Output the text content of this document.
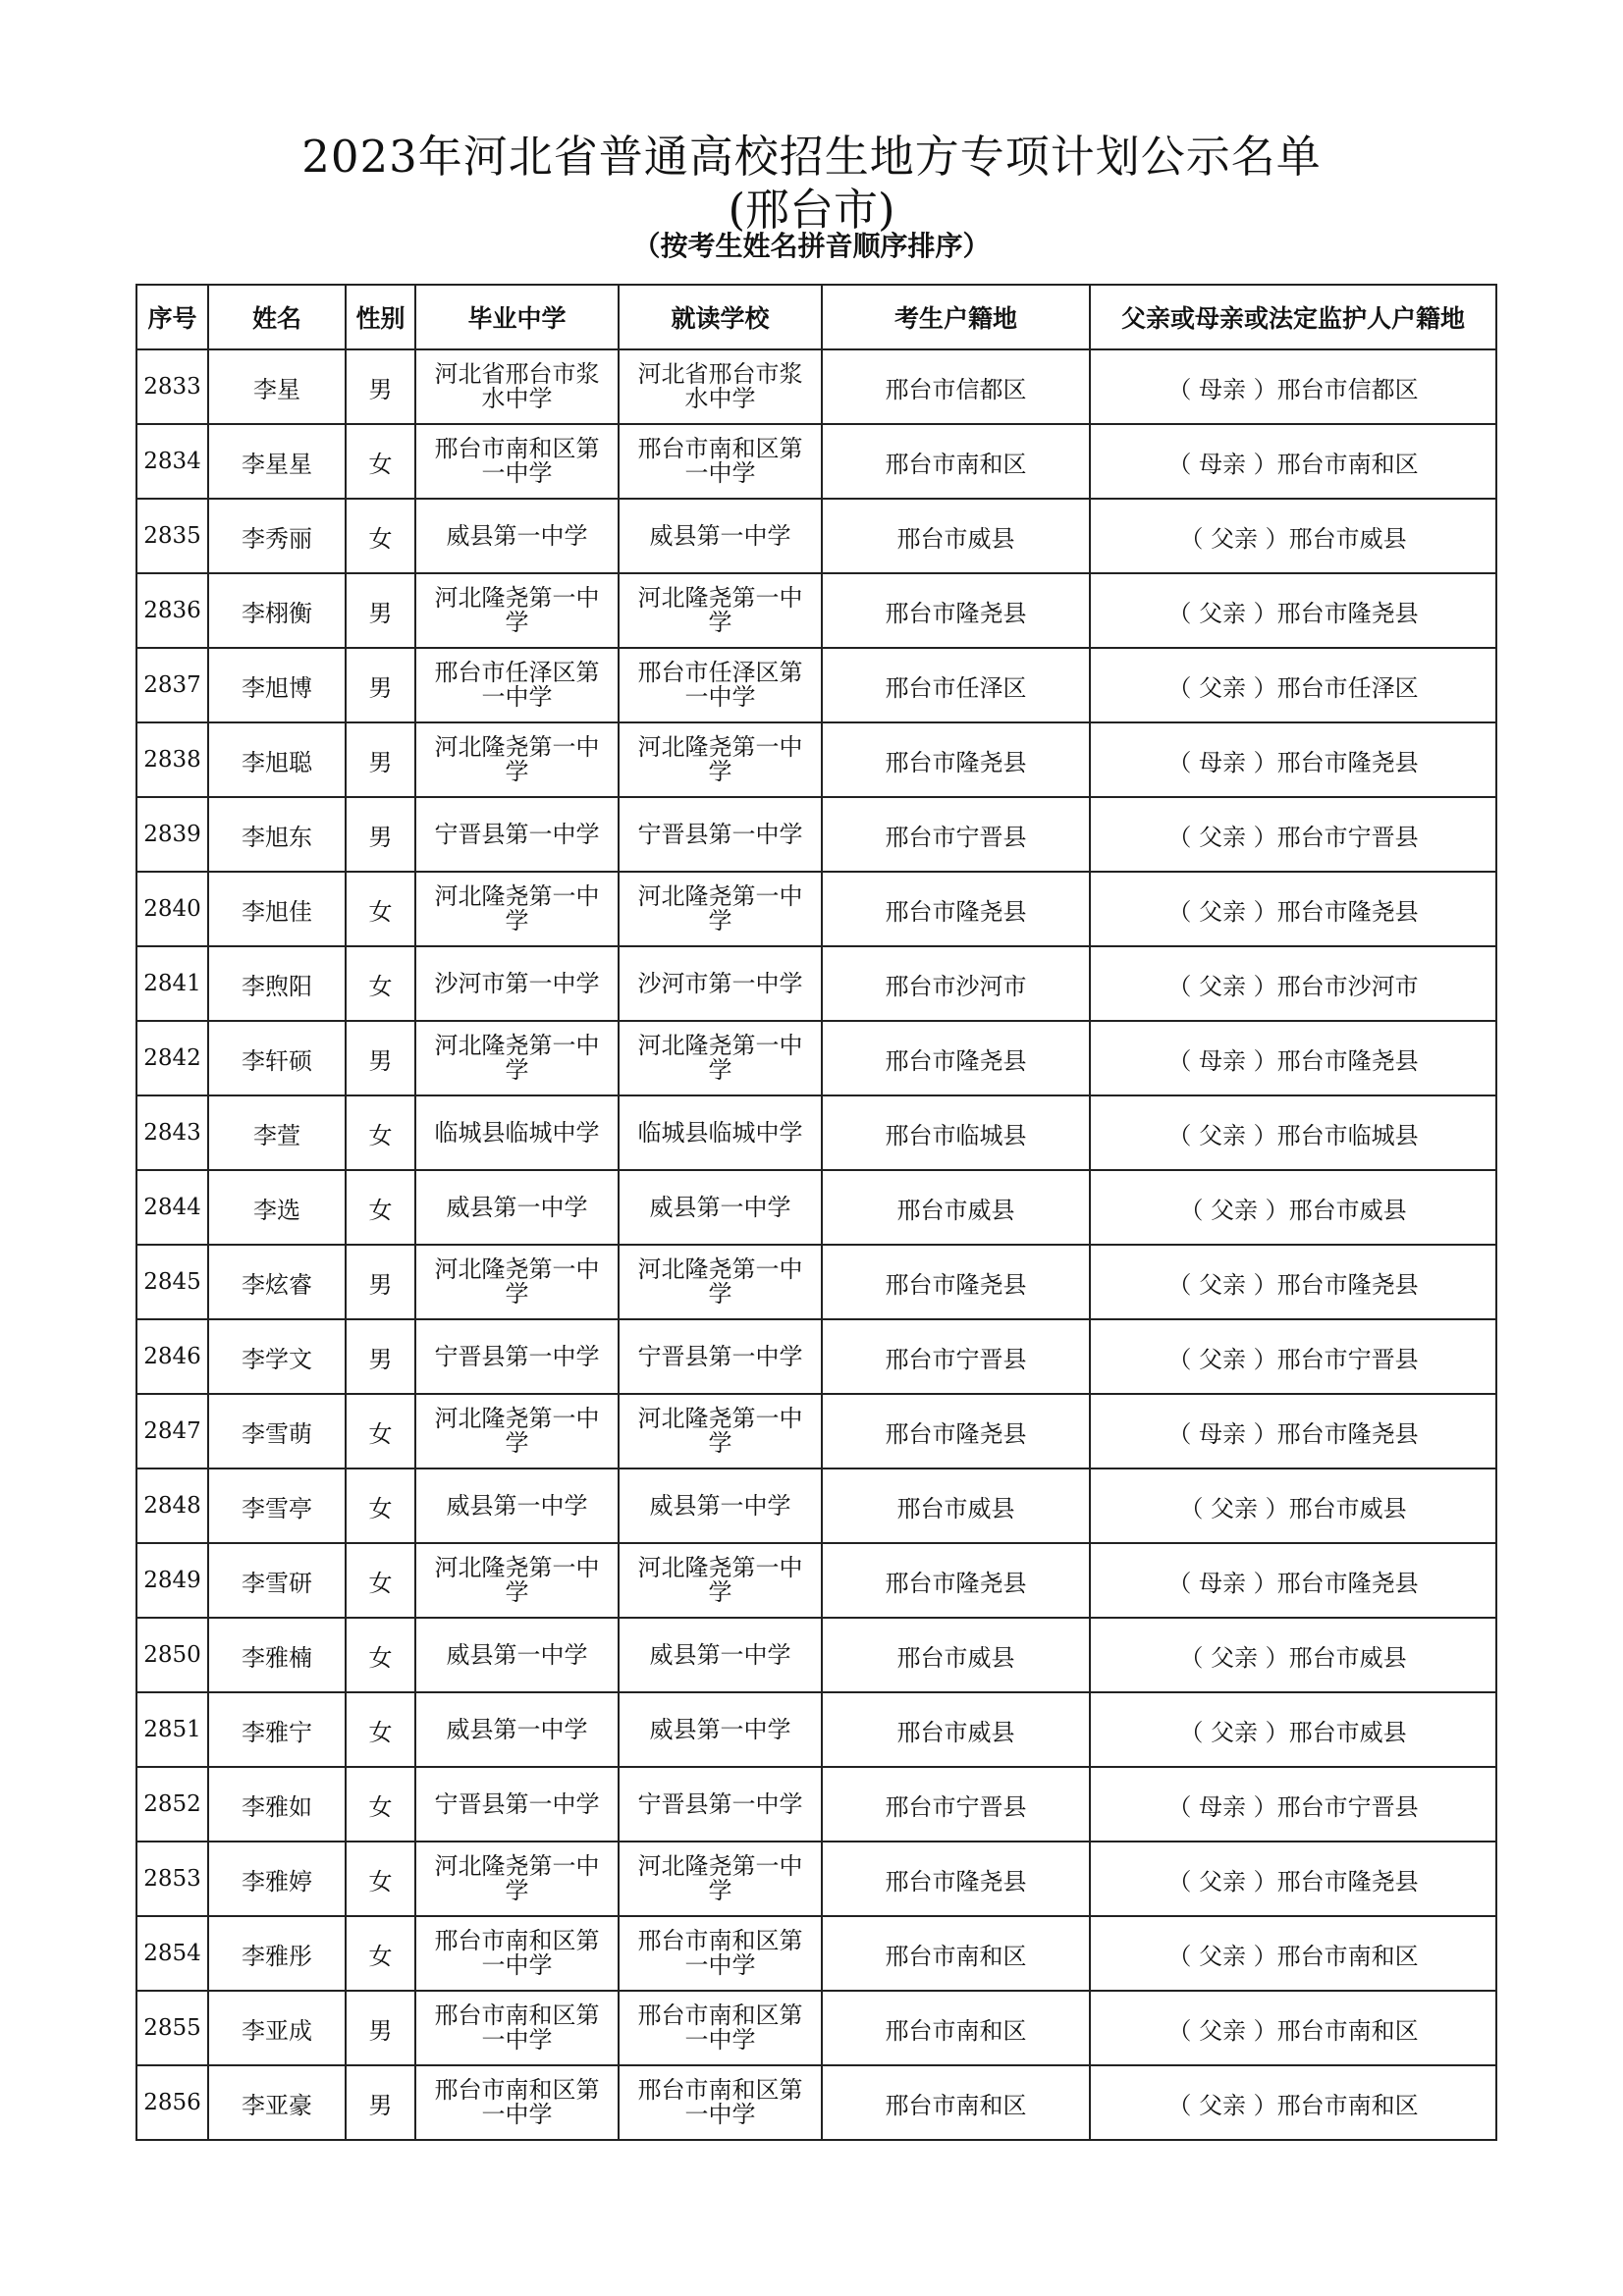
2023年河北省普通高校招生地方专项计划公示名单
(邢台市)
（按考生姓名拼音顺序排序）
序号	姓名	性别	毕业中学	就读学校	考生户籍地	父亲或母亲或法定监护人户籍地
2833	李星	男	河北省邢台市浆水中学	河北省邢台市浆水中学	邢台市信都区	（ 母亲 ）邢台市信都区
2834	李星星	女	邢台市南和区第一中学	邢台市南和区第一中学	邢台市南和区	（ 母亲 ）邢台市南和区
2835	李秀丽	女	威县第一中学	威县第一中学	邢台市威县	（ 父亲 ）邢台市威县
2836	李栩衡	男	河北隆尧第一中学	河北隆尧第一中学	邢台市隆尧县	（ 父亲 ）邢台市隆尧县
2837	李旭博	男	邢台市任泽区第一中学	邢台市任泽区第一中学	邢台市任泽区	（ 父亲 ）邢台市任泽区
2838	李旭聪	男	河北隆尧第一中学	河北隆尧第一中学	邢台市隆尧县	（ 母亲 ）邢台市隆尧县
2839	李旭东	男	宁晋县第一中学	宁晋县第一中学	邢台市宁晋县	（ 父亲 ）邢台市宁晋县
2840	李旭佳	女	河北隆尧第一中学	河北隆尧第一中学	邢台市隆尧县	（ 父亲 ）邢台市隆尧县
2841	李煦阳	女	沙河市第一中学	沙河市第一中学	邢台市沙河市	（ 父亲 ）邢台市沙河市
2842	李轩硕	男	河北隆尧第一中学	河北隆尧第一中学	邢台市隆尧县	（ 母亲 ）邢台市隆尧县
2843	李萱	女	临城县临城中学	临城县临城中学	邢台市临城县	（ 父亲 ）邢台市临城县
2844	李选	女	威县第一中学	威县第一中学	邢台市威县	（ 父亲 ）邢台市威县
2845	李炫睿	男	河北隆尧第一中学	河北隆尧第一中学	邢台市隆尧县	（ 父亲 ）邢台市隆尧县
2846	李学文	男	宁晋县第一中学	宁晋县第一中学	邢台市宁晋县	（ 父亲 ）邢台市宁晋县
2847	李雪萌	女	河北隆尧第一中学	河北隆尧第一中学	邢台市隆尧县	（ 母亲 ）邢台市隆尧县
2848	李雪亭	女	威县第一中学	威县第一中学	邢台市威县	（ 父亲 ）邢台市威县
2849	李雪研	女	河北隆尧第一中学	河北隆尧第一中学	邢台市隆尧县	（ 母亲 ）邢台市隆尧县
2850	李雅楠	女	威县第一中学	威县第一中学	邢台市威县	（ 父亲 ）邢台市威县
2851	李雅宁	女	威县第一中学	威县第一中学	邢台市威县	（ 父亲 ）邢台市威县
2852	李雅如	女	宁晋县第一中学	宁晋县第一中学	邢台市宁晋县	（ 母亲 ）邢台市宁晋县
2853	李雅婷	女	河北隆尧第一中学	河北隆尧第一中学	邢台市隆尧县	（ 父亲 ）邢台市隆尧县
2854	李雅彤	女	邢台市南和区第一中学	邢台市南和区第一中学	邢台市南和区	（ 父亲 ）邢台市南和区
2855	李亚成	男	邢台市南和区第一中学	邢台市南和区第一中学	邢台市南和区	（ 父亲 ）邢台市南和区
2856	李亚豪	男	邢台市南和区第一中学	邢台市南和区第一中学	邢台市南和区	（ 父亲 ）邢台市南和区
